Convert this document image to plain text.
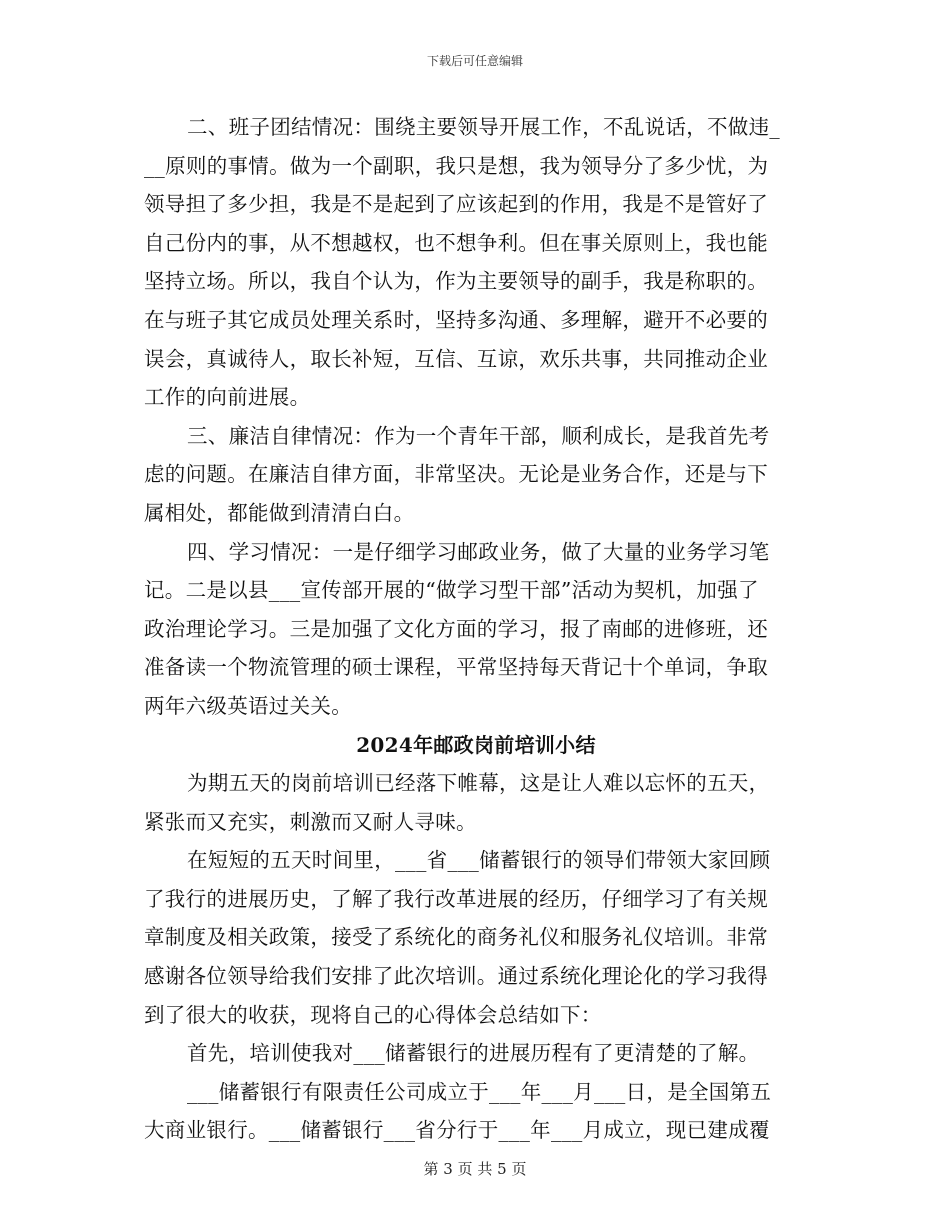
下载后可任意编辑
二、班子团结情况：围绕主要领导开展工作，不乱说话，不做违_
__原则的事情。做为一个副职，我只是想，我为领导分了多少忧，为
领导担了多少担，我是不是起到了应该起到的作用，我是不是管好了
自己份内的事，从不想越权，也不想争利。但在事关原则上，我也能
坚持立场。所以，我自个认为，作为主要领导的副手，我是称职的。
在与班子其它成员处理关系时，坚持多沟通、多理解，避开不必要的
误会，真诚待人，取长补短，互信、互谅，欢乐共事，共同推动企业
工作的向前进展。
三、廉洁自律情况：作为一个青年干部，顺利成长，是我首先考
虑的问题。在廉洁自律方面，非常坚决。无论是业务合作，还是与下
属相处，都能做到清清白白。
四、学习情况：一是仔细学习邮政业务，做了大量的业务学习笔
记。二是以县___宣传部开展的“做学习型干部”活动为契机，加强了
政治理论学习。三是加强了文化方面的学习，报了南邮的进修班，还
准备读一个物流管理的硕士课程，平常坚持每天背记十个单词，争取
两年六级英语过关关。
2024年邮政岗前培训小结
为期五天的岗前培训已经落下帷幕，这是让人难以忘怀的五天，
紧张而又充实，刺激而又耐人寻味。
在短短的五天时间里，___省___储蓄银行的领导们带领大家回顾
了我行的进展历史，了解了我行改革进展的经历，仔细学习了有关规
章制度及相关政策，接受了系统化的商务礼仪和服务礼仪培训。非常
感谢各位领导给我们安排了此次培训。通过系统化理论化的学习我得
到了很大的收获，现将自己的心得体会总结如下：
首先，培训使我对___储蓄银行的进展历程有了更清楚的了解。
___储蓄银行有限责任公司成立于___年___月___日，是全国第五
大商业银行。___储蓄银行___省分行于___年___月成立，现已建成覆
第 3 页 共 5 页
